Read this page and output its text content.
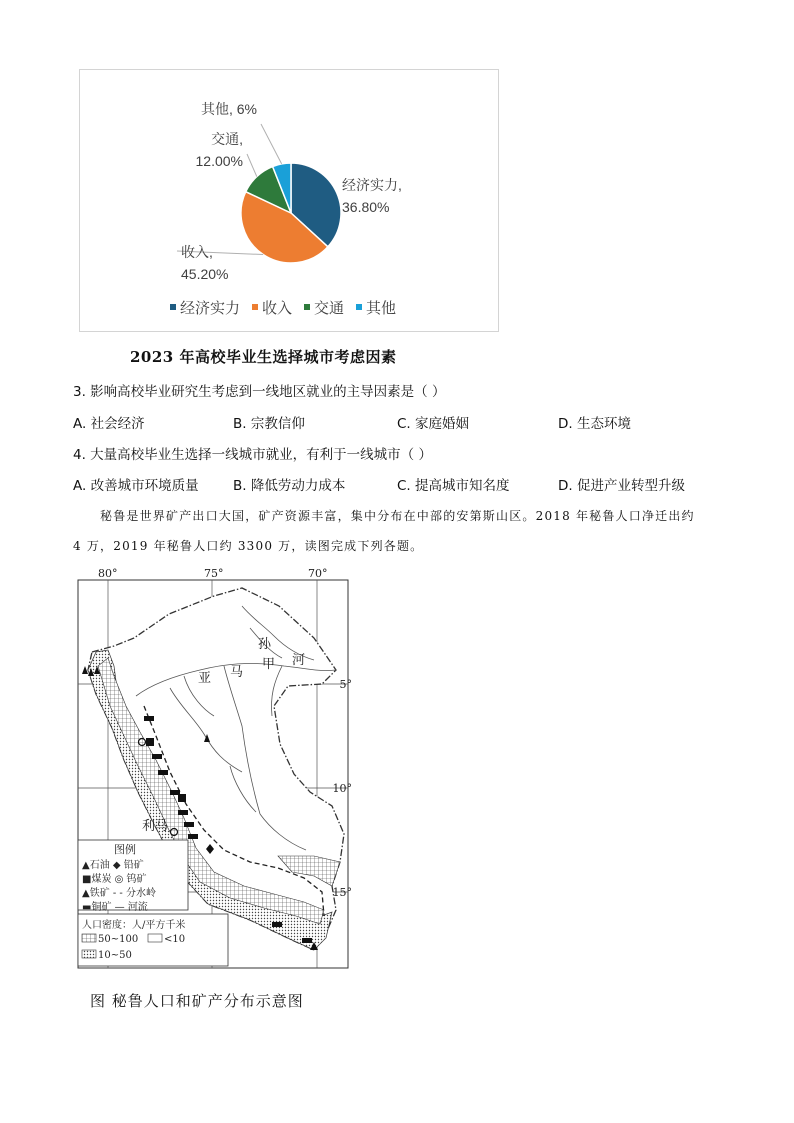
经济实力, 36.80%
收入, 45.20%
交通, 12.00%
其他, 6%
经济实力 收入 交通 其他
2023 年高校毕业生选择城市考虑因素
3. 影响高校毕业研究生考虑到一线地区就业的主导因素是（ ）
A. 社会经济	B. 宗教信仰	C. 家庭婚姻	D. 生态环境
4. 大量高校毕业生选择一线城市就业，有利于一线城市（ ）
A. 改善城市环境质量	B. 降低劳动力成本	C. 提高城市知名度	D. 促进产业转型升级
秘鲁是世界矿产出口大国，矿产资源丰富，集中分布在中部的安第斯山区。2018 年秘鲁人口净迁出约
4 万，2019 年秘鲁人口约 3300 万，读图完成下列各题。
孙
河
亚 马
甲
利马
80°	75°	70°
5°
10°
15°
图例
▲石油 ◆ 铅矿
■煤炭 ◎ 钨矿
▲铁矿 - - 分水岭
▬铜矿 — 河流
人口密度：人/平方千米
50~100	<10
10~50
图 秘鲁人口和矿产分布示意图
